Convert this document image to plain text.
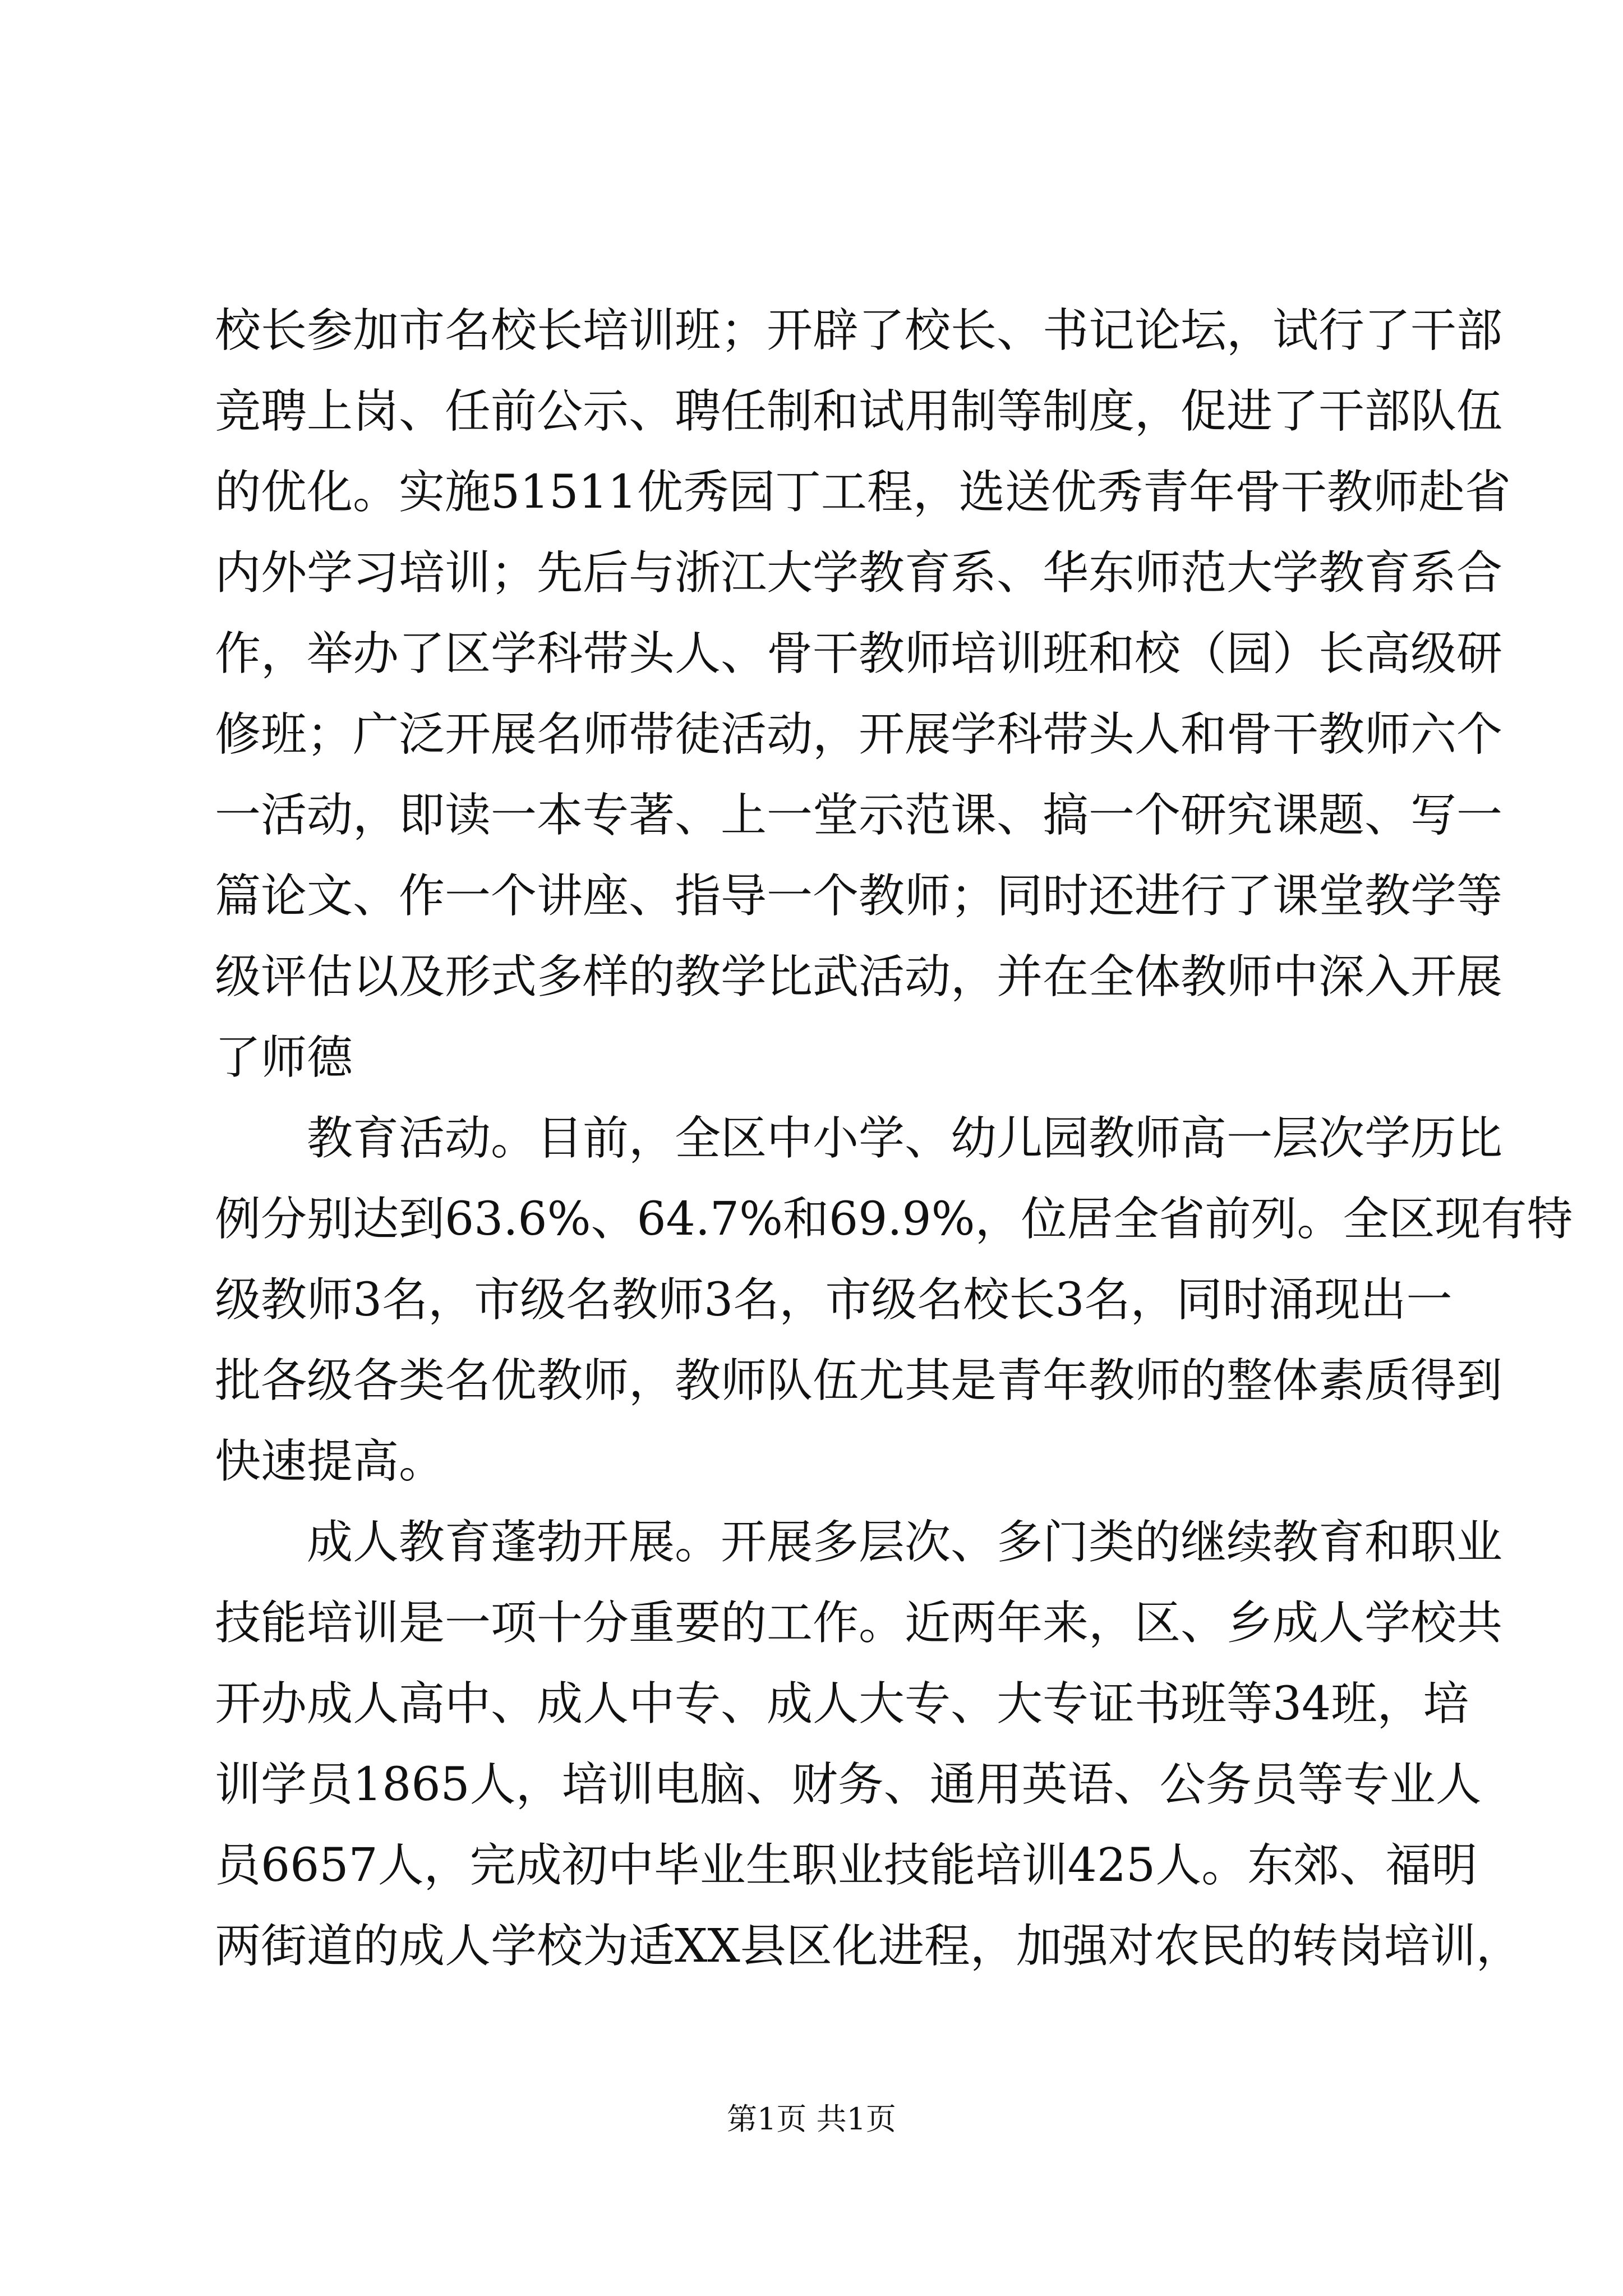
校长参加市名校长培训班；开辟了校长、书记论坛，试行了干部
竞聘上岗、任前公示、聘任制和试用制等制度，促进了干部队伍
的优化。实施51511优秀园丁工程，选送优秀青年骨干教师赴省
内外学习培训；先后与浙江大学教育系、华东师范大学教育系合
作，举办了区学科带头人、骨干教师培训班和校（园）长高级研
修班；广泛开展名师带徒活动，开展学科带头人和骨干教师六个
一活动，即读一本专著、上一堂示范课、搞一个研究课题、写一
篇论文、作一个讲座、指导一个教师；同时还进行了课堂教学等
级评估以及形式多样的教学比武活动，并在全体教师中深入开展
了师德
教育活动。目前，全区中小学、幼儿园教师高一层次学历比
例分别达到63.6%、64.7%和69.9%，位居全省前列。全区现有特
级教师3名，市级名教师3名，市级名校长3名，同时涌现出一
批各级各类名优教师，教师队伍尤其是青年教师的整体素质得到
快速提高。
成人教育蓬勃开展。开展多层次、多门类的继续教育和职业
技能培训是一项十分重要的工作。近两年来，区、乡成人学校共
开办成人高中、成人中专、成人大专、大专证书班等34班，培
训学员1865人，培训电脑、财务、通用英语、公务员等专业人
员6657人，完成初中毕业生职业技能培训425人。东郊、福明
两街道的成人学校为适XX县区化进程，加强对农民的转岗培训，
第1页 共1页
